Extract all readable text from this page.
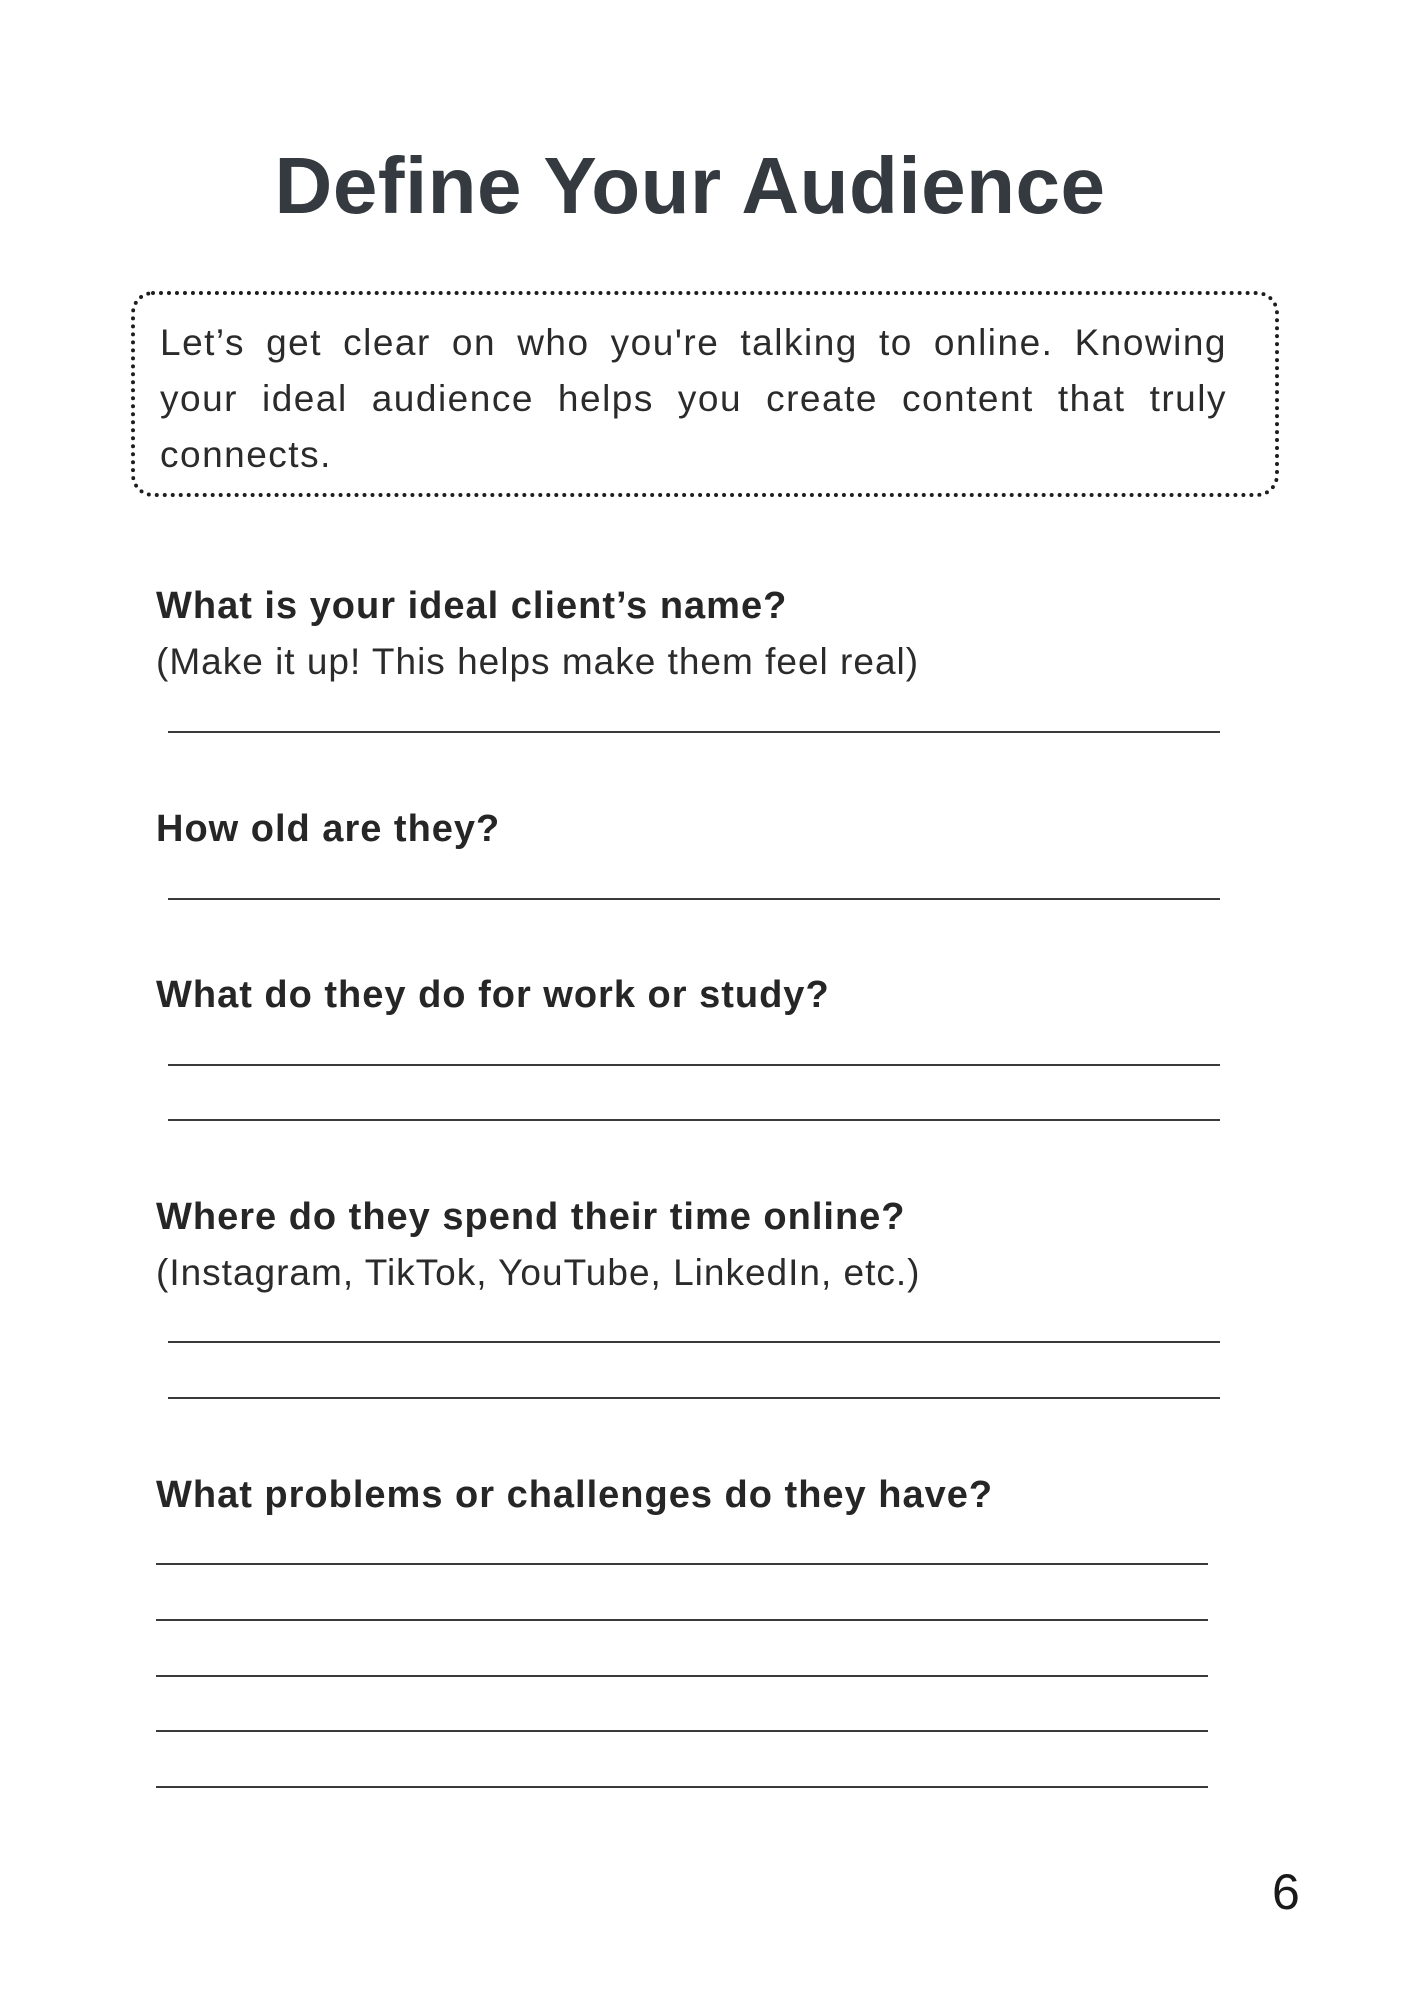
Define Your Audience

Let’s get clear on who you're talking to online. Knowing your ideal audience helps you create content that truly connects.

What is your ideal client’s name?

(Make it up! This helps make them feel real)

How old are they?

What do they do for work or study?

Where do they spend their time online?

(Instagram, TikTok, YouTube, LinkedIn, etc.)

What problems or challenges do they have?

6
